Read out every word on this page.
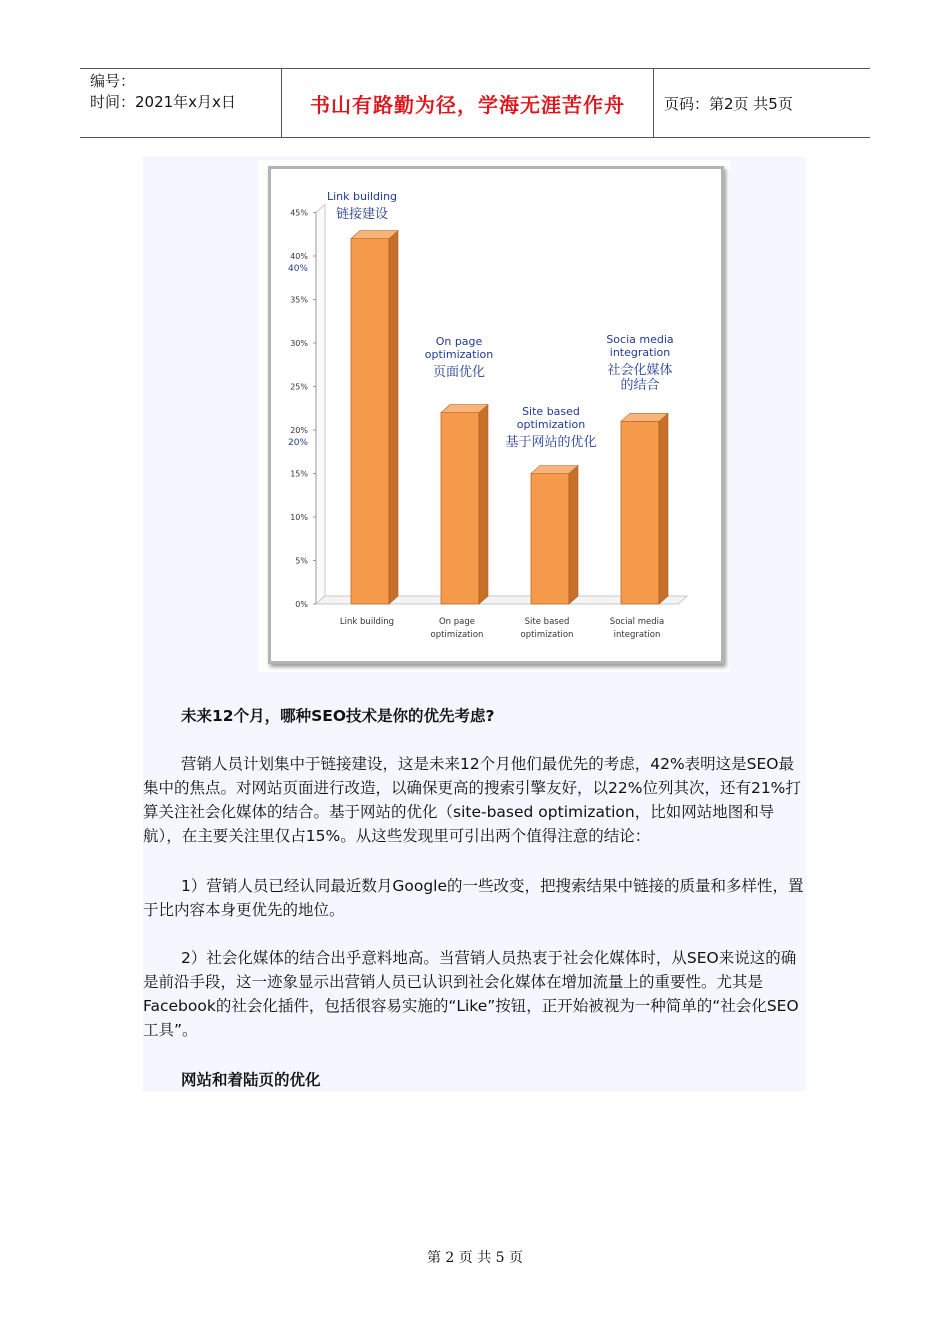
编号：
时间：2021年x月x日	书山有路勤为径，学海无涯苦作舟	页码：第2页 共5页
0%
5%
10%
15%
20%
25%
30%
35%
40%
45%
40%
20%
Link building	On page
optimization
Site based
optimization
Social media
integration
Link building
链接建设
On page
optimization
页面优化
Site based
optimization
基于网站的优化
Socia media
integration
社会化媒体
的结合

未来12个月，哪种SEO技术是你的优先考虑?

营销人员计划集中于链接建设，这是未来12个月他们最优先的考虑，42%表明这是SEO最集中的焦点。对网站页面进行改造，以确保更高的搜索引擎友好，以22%位列其次，还有21%打算关注社会化媒体的结合。基于网站的优化（site-based optimization，比如网站地图和导航），在主要关注里仅占15%。从这些发现里可引出两个值得注意的结论：

1）营销人员已经认同最近数月Google的一些改变，把搜索结果中链接的质量和多样性，置于比内容本身更优先的地位。

2）社会化媒体的结合出乎意料地高。当营销人员热衷于社会化媒体时，从SEO来说这的确是前沿手段，这一迹象显示出营销人员已认识到社会化媒体在增加流量上的重要性。尤其是Facebook的社会化插件，包括很容易实施的“Like”按钮，正开始被视为一种简单的“社会化SEO工具”。

网站和着陆页的优化

第 2 页 共 5 页
